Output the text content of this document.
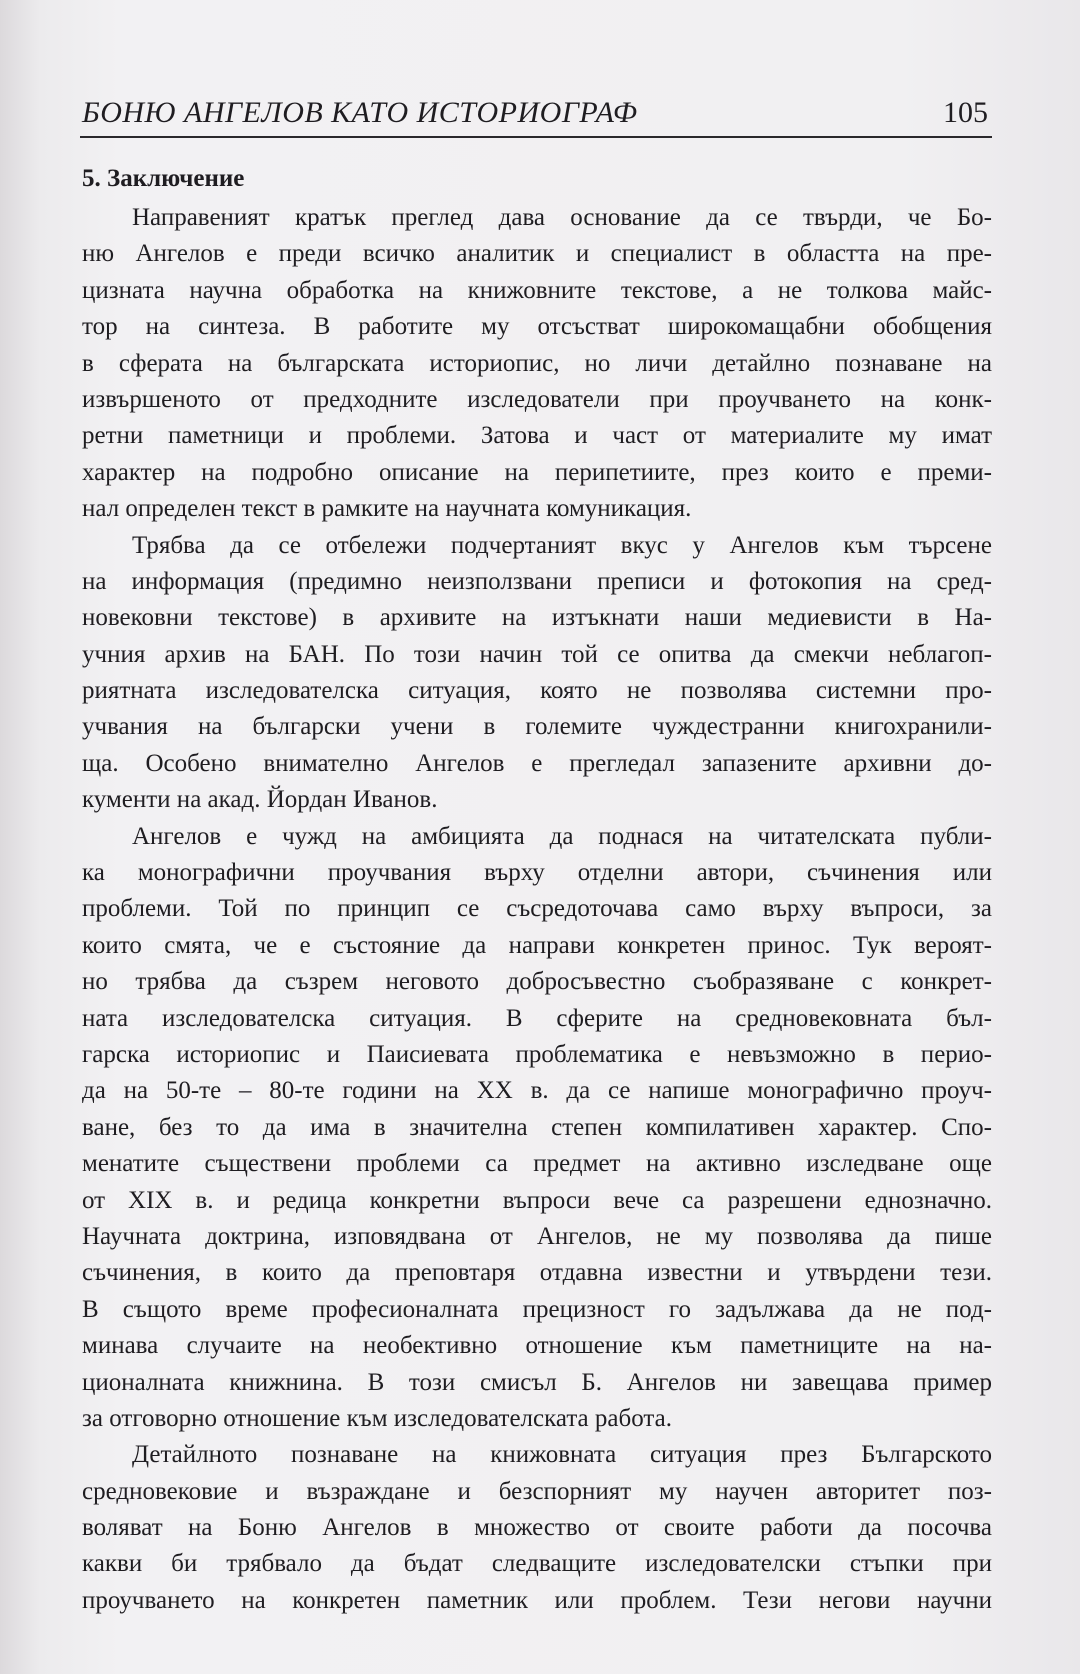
БОНЮ АНГЕЛОВ КАТО ИСТОРИОГРАФ	105
5. Заключение
Направеният кратък преглед дава основание да се твърди, че Бо-
ню Ангелов е преди всичко аналитик и специалист в областта на пре-
цизната научна обработка на книжовните текстове, а не толкова майс-
тор на синтеза. В работите му отсъстват широкомащабни обобщения
в сферата на българската историопис, но личи детайлно познаване на
извършеното от предходните изследователи при проучването на конк-
ретни паметници и проблеми. Затова и част от материалите му имат
характер на подробно описание на перипетиите, през които е преми-
нал определен текст в рамките на научната комуникация.
Трябва да се отбележи подчертаният вкус у Ангелов към търсене
на информация (предимно неизползвани преписи и фотокопия на сред-
новековни текстове) в архивите на изтъкнати наши медиевисти в На-
учния архив на БАН. По този начин той се опитва да смекчи неблагоп-
риятната изследователска ситуация, която не позволява системни про-
учвания на български учени в големите чуждестранни книгохранили-
ща. Особено внимателно Ангелов е прегледал запазените архивни до-
кументи на акад. Йордан Иванов.
Ангелов е чужд на амбицията да поднася на читателската публи-
ка монографични проучвания върху отделни автори, съчинения или
проблеми. Той по принцип се съсредоточава само върху въпроси, за
които смята, че е състояние да направи конкретен принос. Тук вероят-
но трябва да съзрем неговото добросъвестно съобразяване с конкрет-
ната изследователска ситуация. В сферите на средновековната бъл-
гарска историопис и Паисиевата проблематика е невъзможно в перио-
да на 50-те – 80-те години на XX в. да се напише монографично проуч-
ване, без то да има в значителна степен компилативен характер. Спо-
менатите съществени проблеми са предмет на активно изследване още
от XIX в. и редица конкретни въпроси вече са разрешени еднозначно.
Научната доктрина, изповядвана от Ангелов, не му позволява да пише
съчинения, в които да преповтаря отдавна известни и утвърдени тези.
В същото време професионалната прецизност го задължава да не под-
минава случаите на необективно отношение към паметниците на на-
ционалната книжнина. В този смисъл Б. Ангелов ни завещава пример
за отговорно отношение към изследователската работа.
Детайлното познаване на книжовната ситуация през Българското
средновековие и възраждане и безспорният му научен авторитет поз-
воляват на Боню Ангелов в множество от своите работи да посочва
какви би трябвало да бъдат следващите изследователски стъпки при
проучването на конкретен паметник или проблем. Тези негови научни
